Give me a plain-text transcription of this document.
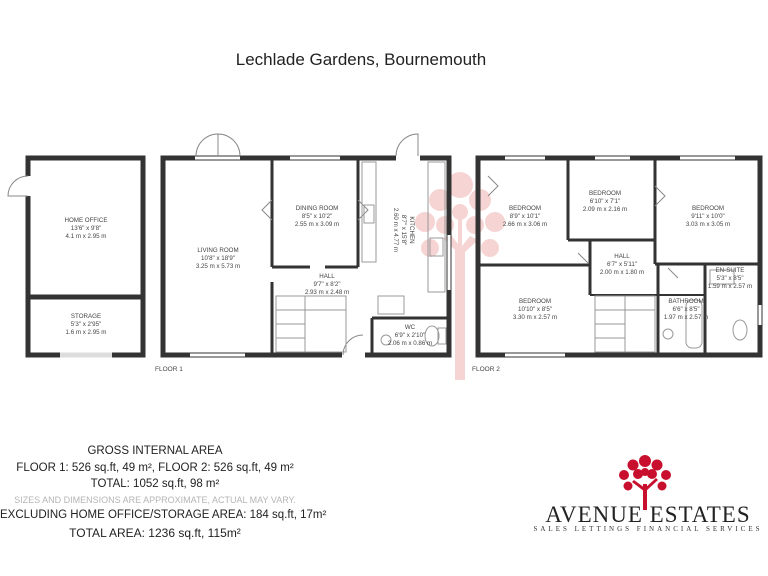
Lechlade Gardens, Bournemouth
HOME OFFICE
13'6" x 9'8"
4.1 m x 2.95 m
STORAGE
5'3" x 2'95"
1.6 m x 2.95 m
LIVING ROOM
10'8" x 18'9"
3.25 m x 5.73 m
DINING ROOM
8'5" x 10'2"
2.55 m x 3.09 m	KITCHEN
8'7" x 15'8"
2.60 m x 4.77 m
HALL
9'7" x 8'2"
2.93 m x 2.48 m
WC
6'9" x 2'10"
2.06 m x 0.86 m
BEDROOM
8'9" x 10'1"
2.66 m x 3.06 m
BEDROOM
6'10" x 7'1"
2.09 m x 2.16 m	BEDROOM
9'11" x 10'0"
3.03 m x 3.05 m
HALL
6'7" x 5'11"
2.00 m x 1.80 m	EN-SUITE
5'3" x 8'5"
1.59 m x 2.57 m
BEDROOM
10'10" x 8'5"
3.30 m x 2.57 m
BATHROOM
6'6" x 8'5"
1.97 m x 2.57 m
FLOOR 1	FLOOR 2
GROSS INTERNAL AREA
FLOOR 1: 526 sq.ft, 49 m², FLOOR 2: 526 sq.ft, 49 m²
TOTAL: 1052 sq.ft, 98 m²
SIZES AND DIMENSIONS ARE APPROXIMATE, ACTUAL MAY VARY.
EXCLUDING HOME OFFICE/STORAGE AREA: 184 sq.ft, 17m²
TOTAL AREA: 1236 sq.ft, 115m²
AVENUE ESTATES
SALES LETTINGS FINANCIAL SERVICES
